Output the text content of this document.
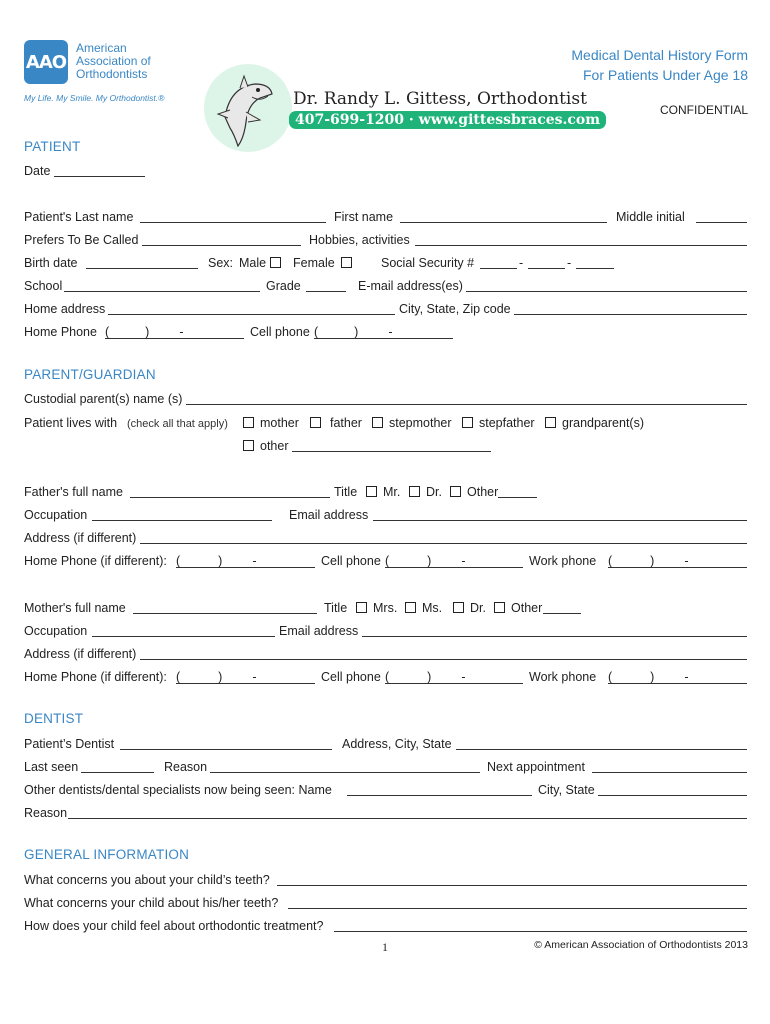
AAO
American
Association of
Orthodontists
My Life. My Smile. My Orthodontist.®	Dr. Randy L. Gittess, Orthodontist
407-699-1200 · www.gittessbraces.com
Medical Dental History Form
For Patients Under Age 18
CONFIDENTIAL
PATIENT
Date
Patient's Last name	First name	Middle initial
Prefers To Be Called	Hobbies, activities
Birth date	Sex: Male Female	Social Security #	-	-
School	Grade	E-mail address(es)
Home address	City, State, Zip code
Home Phone (	) -	Cell phone (	) -
PARENT/GUARDIAN
Custodial parent(s) name (s)
Patient lives with (check all that apply)	mother father stepmother stepfather grandparent(s)
other
Father's full name	Title Mr. Dr. Other
Occupation	Email address
Address (if different)
Home Phone (if different): (	) -	Cell phone (	) -	Work phone (	) -
Mother's full name	Title Mrs. Ms. Dr. Other
Occupation	Email address
Address (if different)
Home Phone (if different): (	) -	Cell phone (	) -	Work phone (	) -
DENTIST
Patient’s Dentist	Address, City, State
Last seen	Reason	Next appointment
Other dentists/dental specialists now being seen: Name	City, State
Reason
GENERAL INFORMATION
What concerns you about your child’s teeth?
What concerns your child about his/her teeth?
How does your child feel about orthodontic treatment?
1	© American Association of Orthodontists 2013
